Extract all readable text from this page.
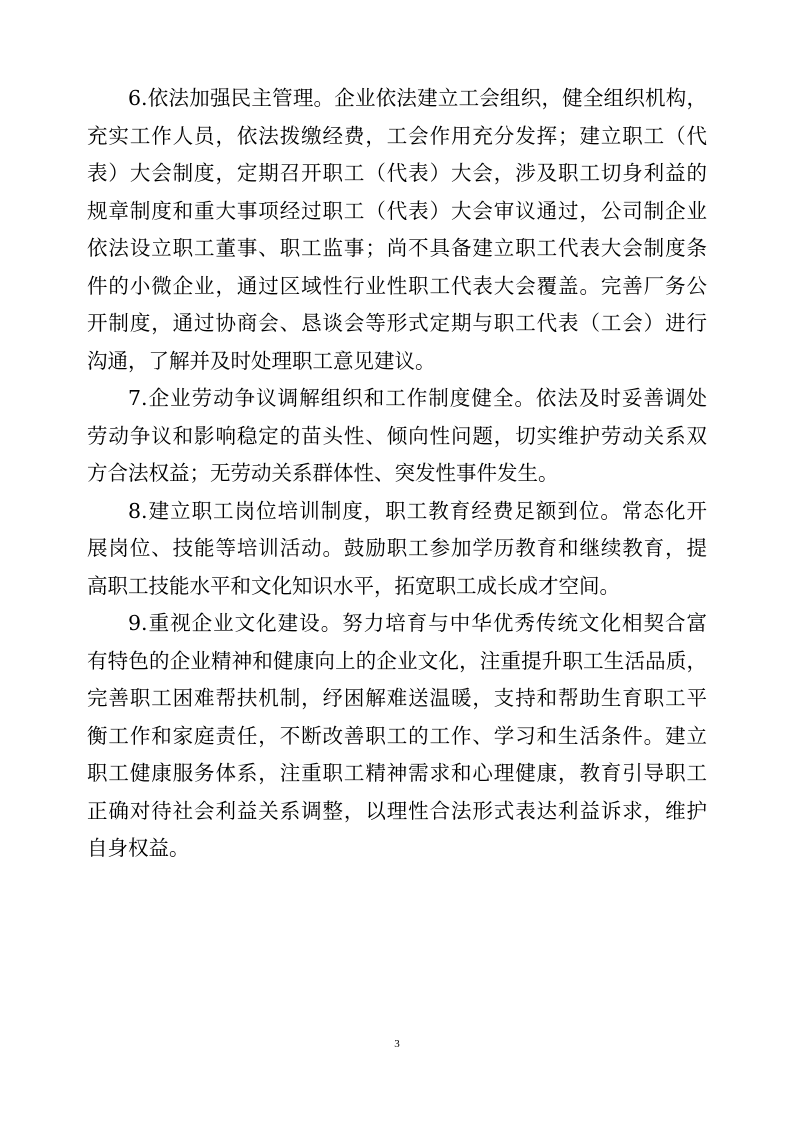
6.依法加强民主管理。企业依法建立工会组织，健全组织机构，
充实工作人员，依法拨缴经费，工会作用充分发挥；建立职工（代
表）大会制度，定期召开职工（代表）大会，涉及职工切身利益的
规章制度和重大事项经过职工（代表）大会审议通过，公司制企业
依法设立职工董事、职工监事；尚不具备建立职工代表大会制度条
件的小微企业，通过区域性行业性职工代表大会覆盖。完善厂务公
开制度，通过协商会、恳谈会等形式定期与职工代表（工会）进行
沟通，了解并及时处理职工意见建议。
7.企业劳动争议调解组织和工作制度健全。依法及时妥善调处
劳动争议和影响稳定的苗头性、倾向性问题，切实维护劳动关系双
方合法权益；无劳动关系群体性、突发性事件发生。
8.建立职工岗位培训制度，职工教育经费足额到位。常态化开
展岗位、技能等培训活动。鼓励职工参加学历教育和继续教育，提
高职工技能水平和文化知识水平，拓宽职工成长成才空间。
9.重视企业文化建设。努力培育与中华优秀传统文化相契合富
有特色的企业精神和健康向上的企业文化，注重提升职工生活品质，
完善职工困难帮扶机制，纾困解难送温暖，支持和帮助生育职工平
衡工作和家庭责任，不断改善职工的工作、学习和生活条件。建立
职工健康服务体系，注重职工精神需求和心理健康，教育引导职工
正确对待社会利益关系调整，以理性合法形式表达利益诉求，维护
自身权益。
3
